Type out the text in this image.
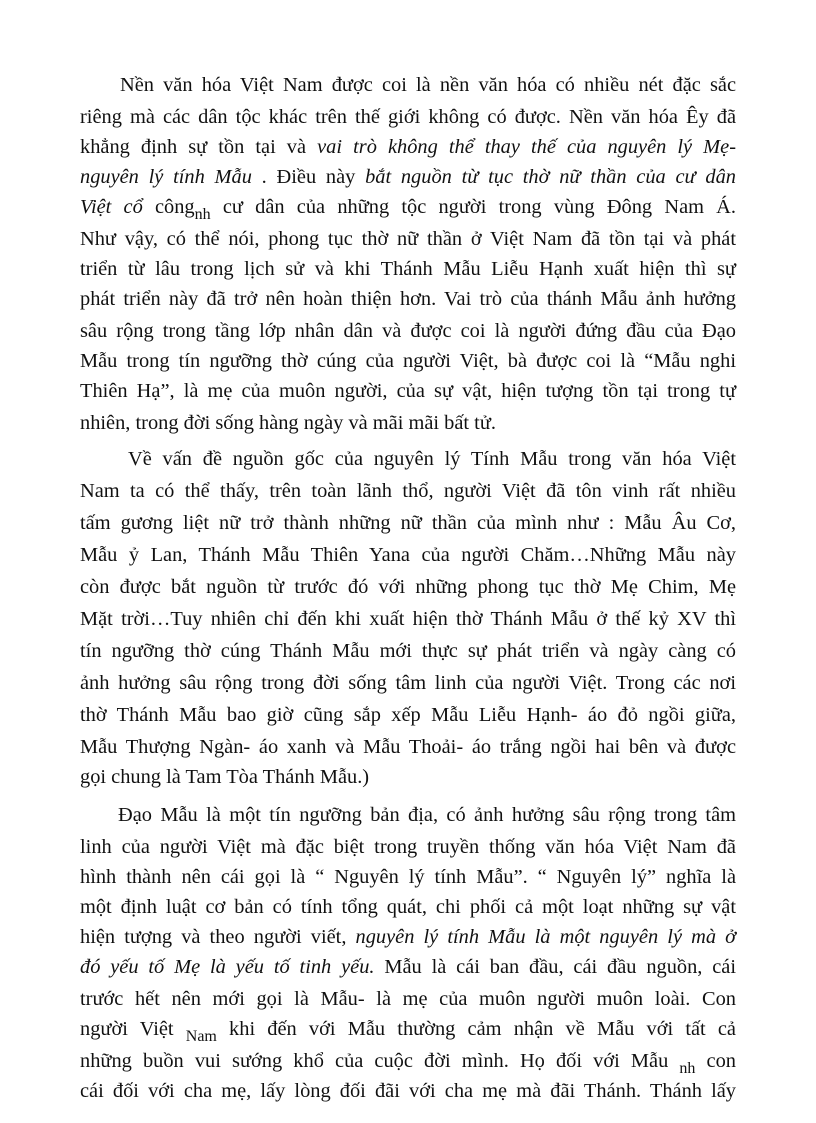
Nền văn hóa Việt Nam được coi là nền văn hóa có nhiều nét đặc sắc
riêng mà các dân tộc khác trên thế giới không có được. Nền văn hóa Êy đã
khẳng định sự tồn tại và vai trò không thể thay thế của nguyên lý Mẹ-
nguyên lý tính Mẫu . Điều này bắt nguồn từ tục thờ nữ thần của cư dân
Việt cổ công$_{nh}$ cư dân của những tộc người trong vùng Đông Nam Á.
Như vậy, có thể nói, phong tục thờ nữ thần ở Việt Nam đã tồn tại và phát
triển từ lâu trong lịch sử và khi Thánh Mẫu Liễu Hạnh xuất hiện thì sự
phát triển này đã trở nên hoàn thiện hơn. Vai trò của thánh Mẫu ảnh hưởng
sâu rộng trong tầng lớp nhân dân và được coi là người đứng đầu của Đạo
Mẫu trong tín ngưỡng thờ cúng của người Việt, bà được coi là “Mẫu nghi
Thiên Hạ”, là mẹ của muôn người, của sự vật, hiện tượng tồn tại trong tự
nhiên, trong đời sống hàng ngày và mãi mãi bất tử.
Về vấn đề nguồn gốc của nguyên lý Tính Mẫu trong văn hóa Việt
Nam ta có thể thấy, trên toàn lãnh thổ, người Việt đã tôn vinh rất nhiều
tấm gương liệt nữ trở thành những nữ thần của mình như : Mẫu Âu Cơ,
Mẫu ỷ Lan, Thánh Mẫu Thiên Yana của người Chăm…Những Mẫu này
còn được bắt nguồn từ trước đó với những phong tục thờ Mẹ Chim, Mẹ
Mặt trời…Tuy nhiên chỉ đến khi xuất hiện thờ Thánh Mẫu ở thế kỷ XV thì
tín ngưỡng thờ cúng Thánh Mẫu mới thực sự phát triển và ngày càng có
ảnh hưởng sâu rộng trong đời sống tâm linh của người Việt. Trong các nơi
thờ Thánh Mẫu bao giờ cũng sắp xếp Mẫu Liễu Hạnh- áo đỏ ngồi giữa,
Mẫu Thượng Ngàn- áo xanh và Mẫu Thoải- áo trắng ngồi hai bên và được
gọi chung là Tam Tòa Thánh Mẫu.)
Đạo Mẫu là một tín ngưỡng bản địa, có ảnh hưởng sâu rộng trong tâm
linh của người Việt mà đặc biệt trong truyền thống văn hóa Việt Nam đã
hình thành nên cái gọi là “ Nguyên lý tính Mẫu”. “ Nguyên lý” nghĩa là
một định luật cơ bản có tính tổng quát, chi phối cả một loạt những sự vật
hiện tượng và theo người viết, nguyên lý tính Mẫu là một nguyên lý mà ở
đó yếu tố Mẹ là yếu tố tinh yếu. Mẫu là cái ban đầu, cái đầu nguồn, cái
trước hết nên mới gọi là Mẫu- là mẹ của muôn người muôn loài. Con
người Việt $_{Nam}$ khi đến với Mẫu thường cảm nhận về Mẫu với tất cả
những buồn vui sướng khổ của cuộc đời mình. Họ đối với Mẫu $_{nh}$ con
cái đối với cha mẹ, lấy lòng đối đãi với cha mẹ mà đãi Thánh. Thánh lấy
